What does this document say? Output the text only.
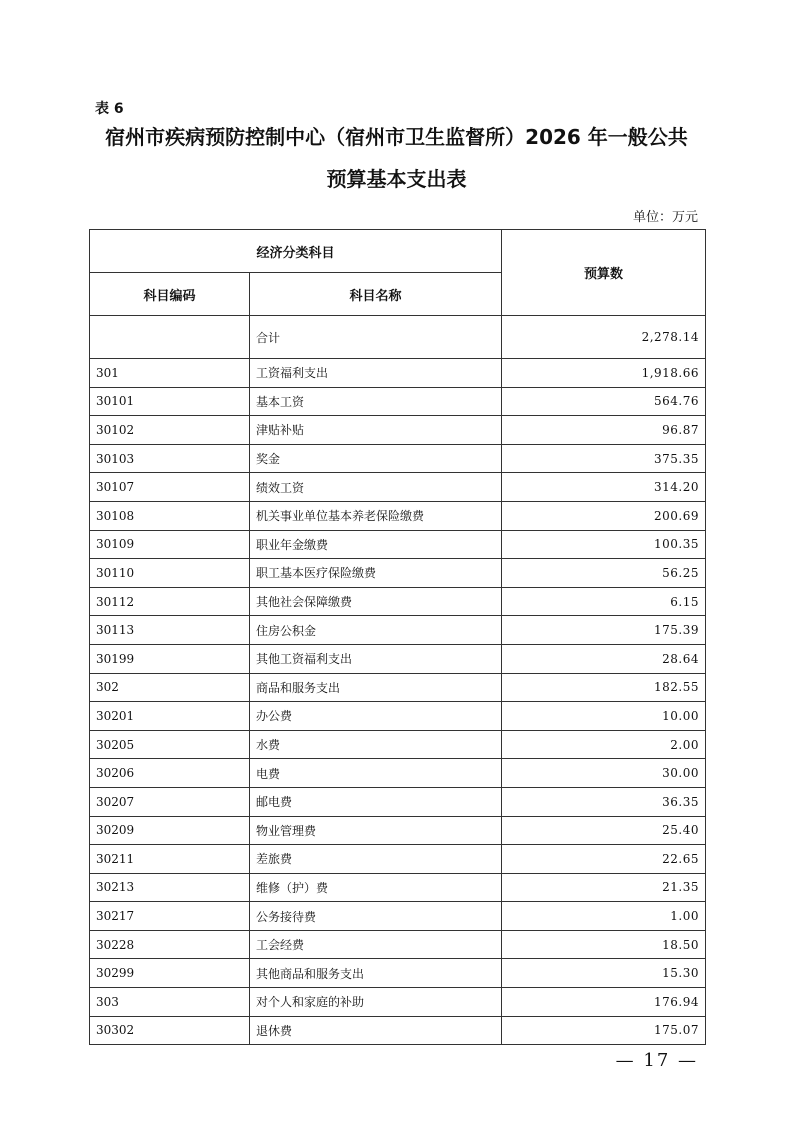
表 6
宿州市疾病预防控制中心（宿州市卫生监督所）2026 年一般公共
预算基本支出表
单位：万元
经济分类科目		预算数
科目编码	科目名称	
	合计	2,278.14
301	工资福利支出	1,918.66
30101	基本工资	564.76
30102	津贴补贴	96.87
30103	奖金	375.35
30107	绩效工资	314.20
30108	机关事业单位基本养老保险缴费	200.69
30109	职业年金缴费	100.35
30110	职工基本医疗保险缴费	56.25
30112	其他社会保障缴费	6.15
30113	住房公积金	175.39
30199	其他工资福利支出	28.64
302	商品和服务支出	182.55
30201	办公费	10.00
30205	水费	2.00
30206	电费	30.00
30207	邮电费	36.35
30209	物业管理费	25.40
30211	差旅费	22.65
30213	维修（护）费	21.35
30217	公务接待费	1.00
30228	工会经费	18.50
30299	其他商品和服务支出	15.30
303	对个人和家庭的补助	176.94
30302	退休费	175.07
— 17 —
